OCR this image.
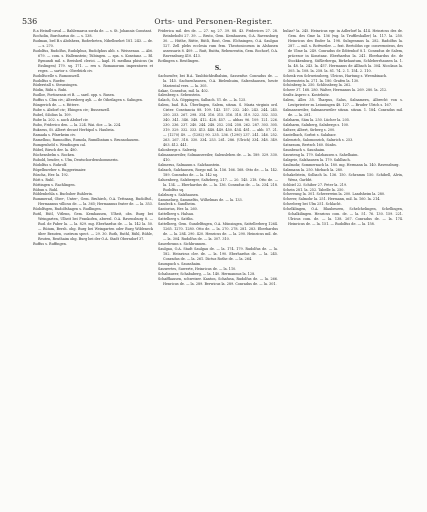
536	Orts- und Personen-Register.

R.a Heindl-caval — Bahlemarca sorda de. — s. St. Johannis Constant.

Rocholin, Burcharius de. — s. 138.

Rudman, brd B.s Abdshera, Roderbeten, Nibelbsehet 181. 243. — de. — s. 270.

Rudolfus, Rudolfus, Rudolphus, Rudolphus abb. s. Weissenau. — Abt. 679. — com. s. Hallemstein; Tübingen. — spa. s. Konstanz. — Bl. Rymundi mil. s. Breisheil clerici. — kapl. H. medhna phisicus (in Esslingen) 179. sq. 171. — rex s. Romanorum imperatores et reges. — sartor s. Oberbürk civ.

Rudolfscelle s. Rumonszell.

Rudolfus s. Ruefer.

Rüderstall s. Steussingen.

Rüdin, Rübi s. Rubi.

Rudloe, Fortinensis et B. — sard. opp. s. Rusen.

Ruffus s. Clim civ.; Altersberg ayli. — de Oiheilagen s. Salingen.

Rüngerich de. — s. Rittere.

Rube s. Abdorf civ.; Ehingen civ.; Bussenzell.

Rubel, Silolius la. 109.

Rube la. 202. s. auch Abdorf civ.

Rubo, Friderico den. — la. 224. Wai. dor. — la. 224.

Buksrus, St. Albert decast Herbipol s. Haubeia.

Ramada s. Pfarrkeim civ.

Ramelhuo, Ramnolfus, Rumola, Rumilbatam s. Brunnohauem.

Rumgenheld s. Wendingen cal.

Rübel, Birsch der. la. 480.

Rüchensbelm s. Rocken.

Rubold, bruder, s. Ulm, Deutschordenshommerin.

Rüdolfus s. Ruhrolf.

Rüpelbureber s. Ruggerimaier.

Rüscha, Her. la. 192.

Rütt s. Ruhl.

Rüttingen s. Rachlingen.

Rübun s. Ruhl.

Rüblenbehla s. Buchsber Buhlerin.

Rummerad, Ober-, Unter-, Gem. Bruhirch, O.A. Tettnang, Rudolfsd., Hermannus villicus de. — la. 365; Hermannus frater de. — la. 353.

Rüdolfsgen, Rudolfshagen s. Rudlingen.

Rutil, Rütl, Vitlenn, Gem. Kemhausen, Ulheit, obs. Burg bei Weingarten, Ulheit bei Frankofen, abwesl. O.A. Ravensburg 8. — Rud. de Faber la. — la. 829. mg. Eberhardus de. — la. 142 la. 50. — Rüium, Bersh. obg. Burg bei Weingarten oder Burg Wildeneck über Brauten, custrum spect. — 29. 30. Ruth, Ruthl, Rühl, Rühle, Reuten, Reuthaim obg. Burg bei der O.A. Stadt Oberndorf 37.

Ruffus s. Ruffingen.

Friderica mil. des de. — 27. sq. 27. 39. 88. 43. Friderices 27. 28. Reinbeholti 27. 39. — Bruto, Gem. Kemhausen, O.A. Ravensburg 30. — Hüthe, Rütte, Rütli, Rout, Gem. Elchningen, O.A. Saulgau 127. Zell plebs ecclesia rum fem. Theotonicorum in Alshusen assessaris 8. 409. — Ruit, Ruitta, Rebenreutin, Gem. Bochorf, O.A. Ravensburg 410. 413.

Rotlingen s. Reutlingen.

S.

Sachsenfer, bei B.A. Taubbichbsfbalsim, Sassenfur. Conradus de. — la. 145. Sachsenhausen, O.A. Bielenhuim, Salzenhausen, heute Mariental vers. — la. 305.

Sakar, Conradus, mil. la. 402.

Salenberg s. Sebenstein.

Salach, O.A. Göppingen, Salbach. Ul. de. — la. 125.

Salem, bad. B.A. Überlingen, Salem, sitzan. S. Maria virginis ord. Cister. Constancia 88. 109. 143. 157. 232. 240. 243. 244. 245. 250. 253. 267. 298. 314. 316. 315. 316. 318. 319. 322. 332. 333. 340. 341. 346. 348. 412. 428. 457. — abbas 96. 109. 121. 226. 230. 236. 237. 240. 244. 248. 252. 254. 258. 262. 287. 303. 305. 319. 329. 332. 333. 413. 448. 449. 450. 454. 481. — abb. 57. 21. — (1270) 49. — (1282) 90. 235. 236. (1290) 237. 241. 246. 252. 263. 267. 318. 330. 334. 253. 261. 286. (Ulrich) 334. 348. 349. 403. 412. 441.

Salonbergs s. Salerrig.

Salmannsweiler, Solmansweiler, Salensleben de. — la. 189. 329. 330. 410.

Salmerus, Salmaum s. Salzhaustein.

Salzach, Salzhausen, Rorgo mil. la. 156. 166. 168. Otto de. — la. 142. 189. Conradus de. — la. 142 sq.

Saluenberg, Salzberger, Saltzberg, 217. — 20. 145. 218. Otto de. — la. 134. — Eberhardus de. — la. 136. Conradus de. — la. 234. 218. Rudolfus sq.

Salzburg s. Salzhausen.

Sammelurg, Sammeltis, Wilhelmas de. — la. 133.

Sandeck s. Sandheim.

Santorius, Her. la. 260.

Sattelberg s. Halsau.

Sattelberg s. Sattlin.

Sattelberg, Gem. Gundelfingen, O.A. Münsingen, Sattellerberg 1264. 1265. 1270. 1280. Otto de. — la. 270. 278. 281. 283. Eberhardus de. — la. 284. 290. 420. Henricus de. — la. 290. Heinricus mil. de. — la. 304. Rudolfus de. — la. 307. 310.

Sauerbrunn s. Sichbrunnen.

Saulgau, O.A. Stadt Saulgau de. — la. 174. 179. Rudolfus de. — la. 182. Heinricus cler. de. — la. 190. Eberhardus de. — la. 245. Conradus de. — la. 261. Dictus Rothe de. — la. 264.

Saumpuch s. Saunshaim.

Sauwertes, Suwerte, Heinricus de. — la. 110.

Schabaueer, Schababerg, — la. 140. Hermannus la. 128.

Schaffhausen, schweizer. Kanton, Schafusa, Rudolfus de. — la. 266. Henricus de. — la. 289. Berwicus la. 289. Conradus de. — la. 301.

buliar? la. 245. Heinricus egr. in Adlerlorf la. 414. Heinricus des de. Gem. des Gme la. 136 (wg. la Truffleshaller) la. 117. la. 250. Heinricus des Ender la. 198. Sulzgenmus la. 282. Radolfus la. 287. — mil. s. Rottweiler. — frat. Bertoldus cgr. convernnteus, des de Ulme la. 249. Conradus de Ilditenhof 8.1. Conradus de Salem, präcesor in Konstanz. Eberhardus la. 241. Eberhardus de. de Stockkenburg, Süßlerberga, Birkehautum, Schleberrhausen la. 1. la. 48. la. 243. la. 457. Hermanus de Allbach la. 304. Nicolaus la. 305. la. 108. la. 258. la. 81. 74. 2. 1. 154. 2. 110.

Schenk von Schweinsberg, Ulricus, Hartung s. Wrembinach.

Schirenstein la. 271. la. 180. Grafen la. 130.

Schönberg la. 250. Schlössberg la. 262.

Scheer 37. 168. 280. Walter, Hermanus la. 269. 280. la. 212.

Sealtz Asprec s. Kostelnitz.

Salem, Alles 35. Tharpus, Salus, Salnamern, Albrecht von s. Leutpriester zu Leiuningen 48. 127. — Bruder Ulrich s. 167.

Salmansweiler, Salmansweiler sitzan. sitzan. 1. 184. Conradus mil. de. — la. 281.

Salzharm, Säm la. 250. Lücher la. 205.

Salzharm, Salnberg, Salnbergs s. 100.

Saltzer, Albert, Sirberg s. 200.

Santelbach, Sorbst s. Salabacr.

Salemrich, Salomonrich, Salnrich s. 253.

Satnraum, Bertsch 160. Sünbs.

Saunbeach s. Saunhaim.

Sauwieng la. 179. Salzhausen s. Sahelhaim.

Salzgrie, Salzhausen la. 179. Sahlbach.

Saulmohr, Sommernach la. 180. mg. Hermann la. 140. Ravensburg.

Salzmann la. 250. Mirbach la. 280.

Schakelstein, Solbach la. 136. 150. Schramm 150. Schibell, Alvin, Wenz, Garbbt.

Schbiel 22. Schiber 27. Peter la. 219.

Schein 281. la. 252. Tabelle la. 250.

Schereung la. 301. Schwerreim la. 200. Landsheim la. 280.

Scherer, Salmohr la. 251. Hermann, mil. la. 160. la. 214.

Scheeberg bei Ulm 251. Schlacht.

Schelklingen, O.A. Blaubeuren, Schelchelingen, Schellingen, Schalkilingen. Henricus com. de. — la. 51. 76. 130. 159. 221. Ulricus com. de. — la. 138. 267. Conradus de. — la. 174. Heinricus de. — la. 151. — Rudolfus de. — la. 158.
